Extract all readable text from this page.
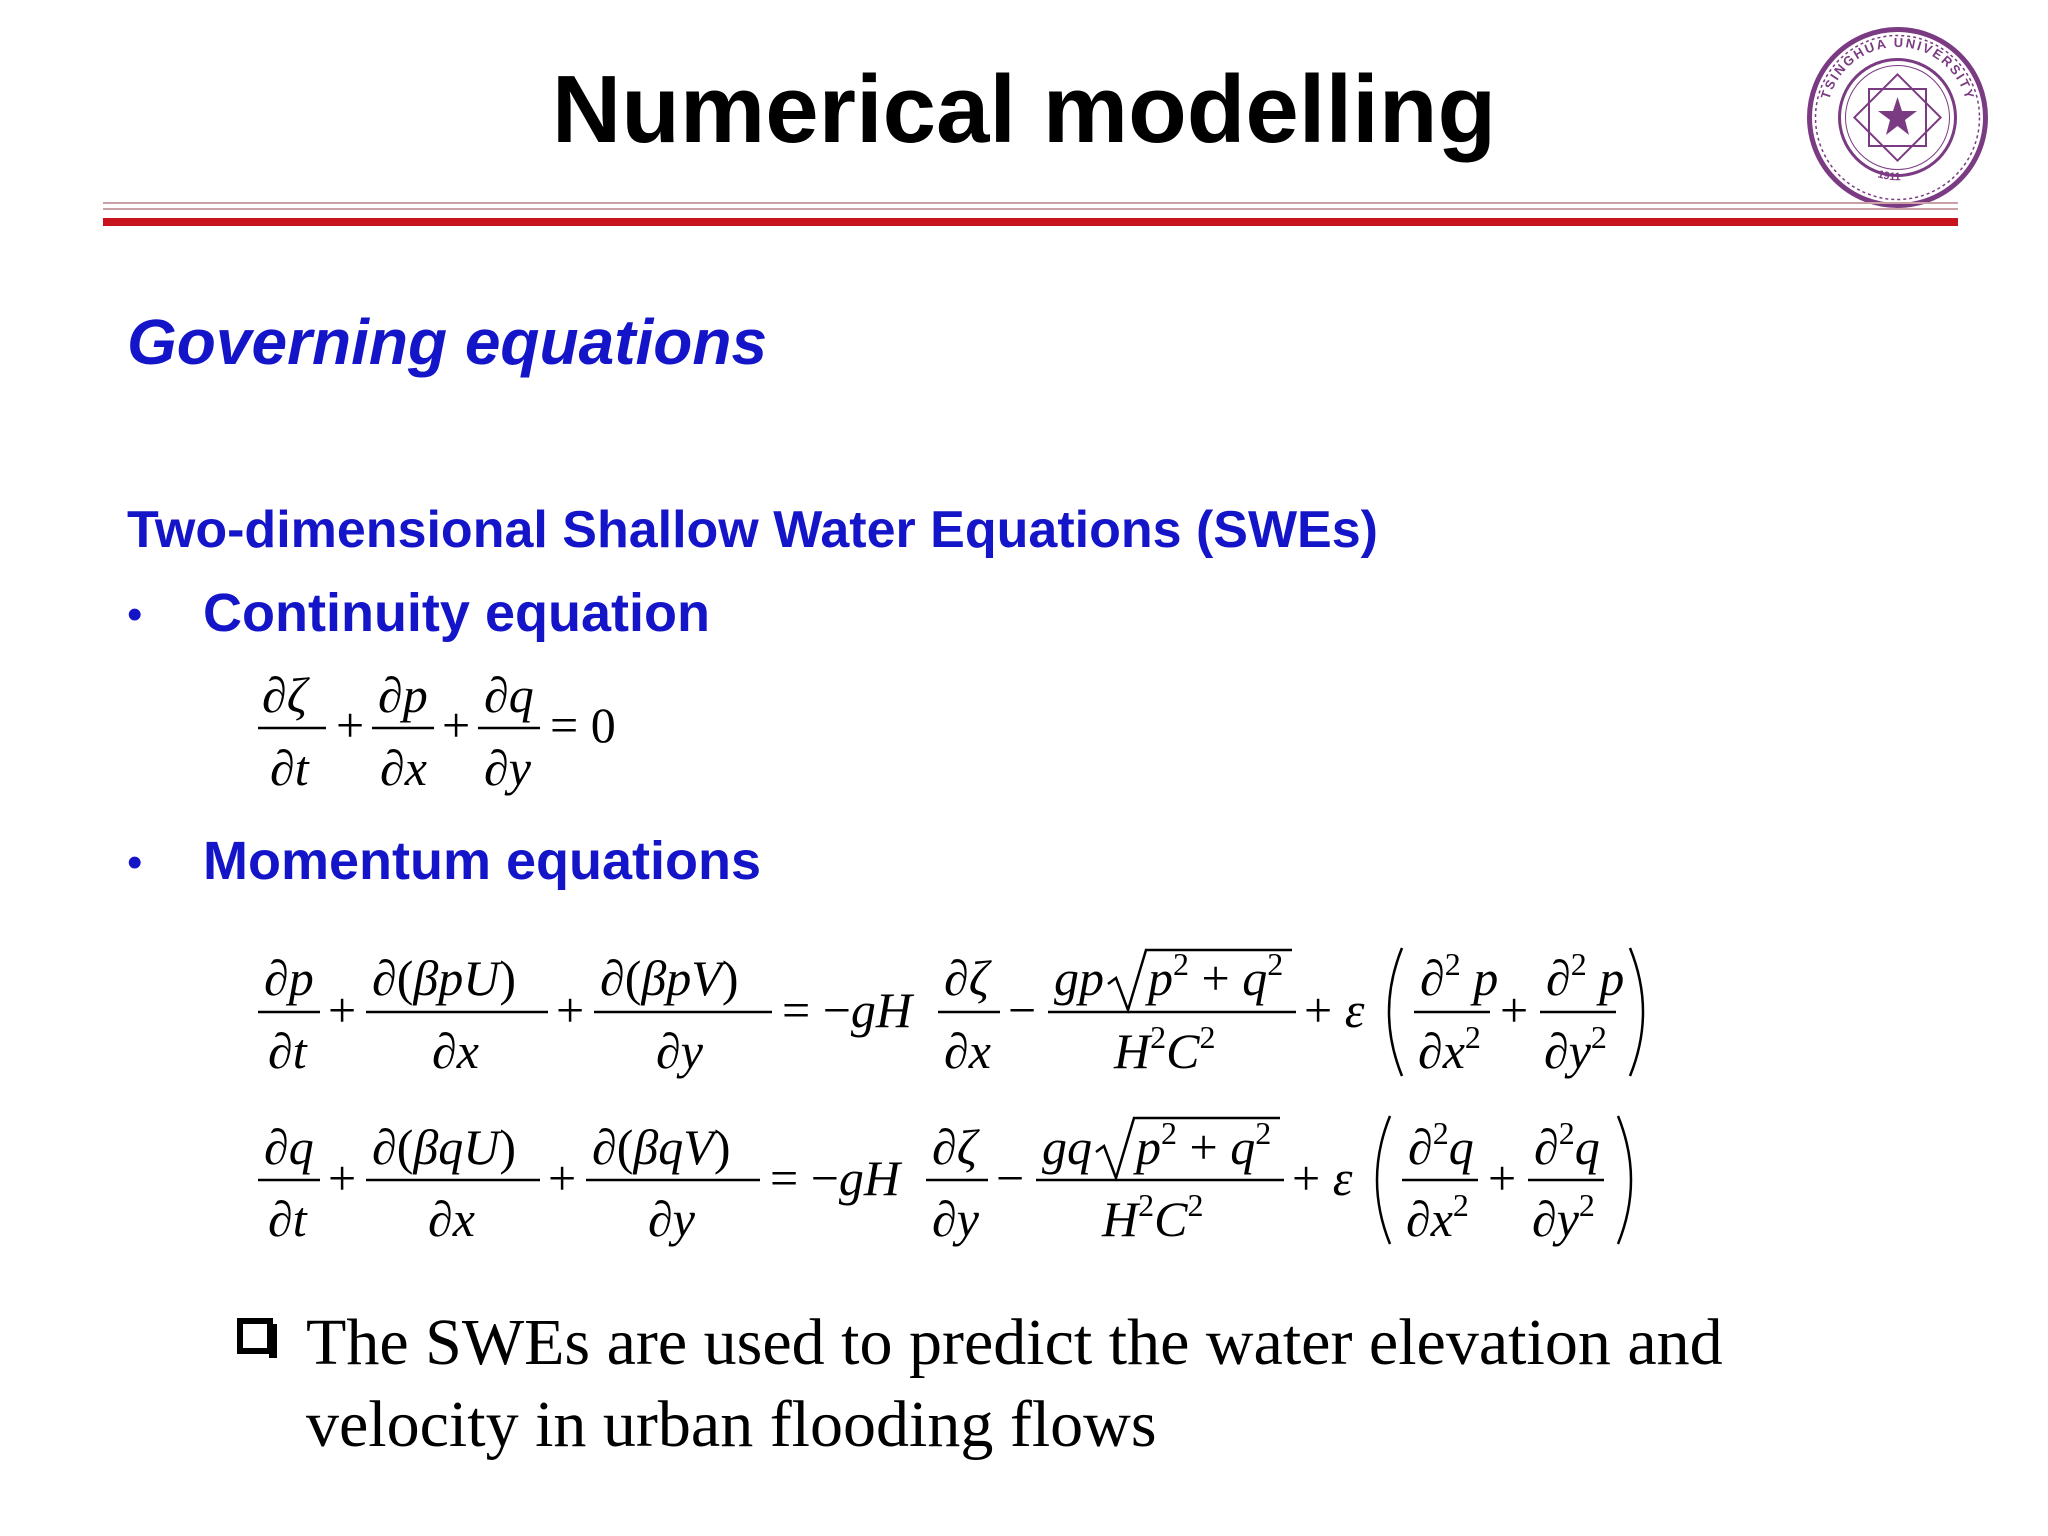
Numerical modelling	TSINGHUA UNIVERSITY
1911
Governing equations
Two-dimensional Shallow Water Equations (SWEs)
• Continuity equation
• Momentum equations
∂ζ
∂t
+
∂p
∂x
+
∂q
∂y
= 0
∂p
∂t
+
∂(βpU)
∂x
+
∂(βpV)
∂y
= −gH
∂ζ
∂x
−
gp $p^2 + q^2$
$H^2C^2 + \varepsilon$
∂$^2$ p
$\partial x^2$ +
∂$^2$ p
$\partial y^2$
∂q
∂t
+
∂(βqU)
∂x
+
∂(βqV)
∂y
= −gH
∂ζ
∂y
−
gq $p^2 + q^2$
$H^2C^2 + \varepsilon$
∂$^2$q
$\partial x^2$ +
∂$^2$q
$\partial y^2$
The SWEs are used to predict the water elevation and velocity in urban flooding flows
